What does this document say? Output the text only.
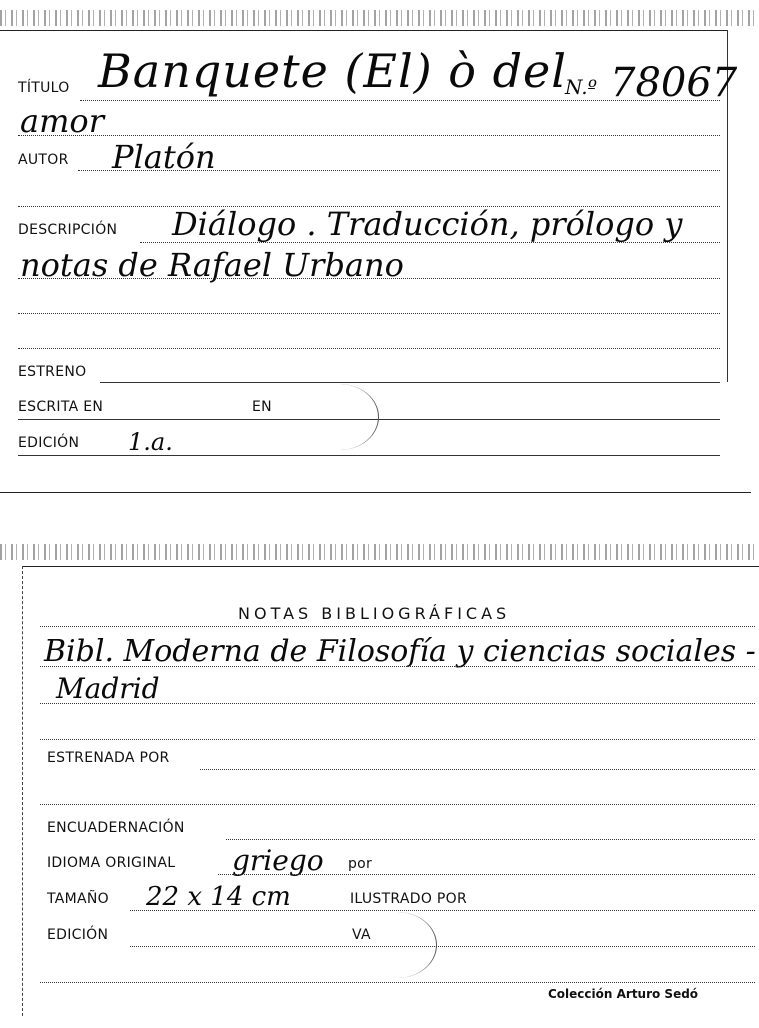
TÍTULO Banquete (El) ò del
N.º 78067
amor
AUTOR Platón
DESCRIPCIÓN Diálogo . Traducción, prólogo y
notas de Rafael Urbano
ESTRENO
ESCRITA EN	EN
EDICIÓN 1.a.
NOTAS BIBLIOGRÁFICAS
Bibl. Moderna de Filosofía y ciencias sociales -
Madrid
ESTRENADA POR
ENCUADERNACIÓN
IDIOMA ORIGINAL griego por
TAMAÑO 22 x 14 cm	ILUSTRADO POR
EDICIÓN	VA
Colección Arturo Sedó
